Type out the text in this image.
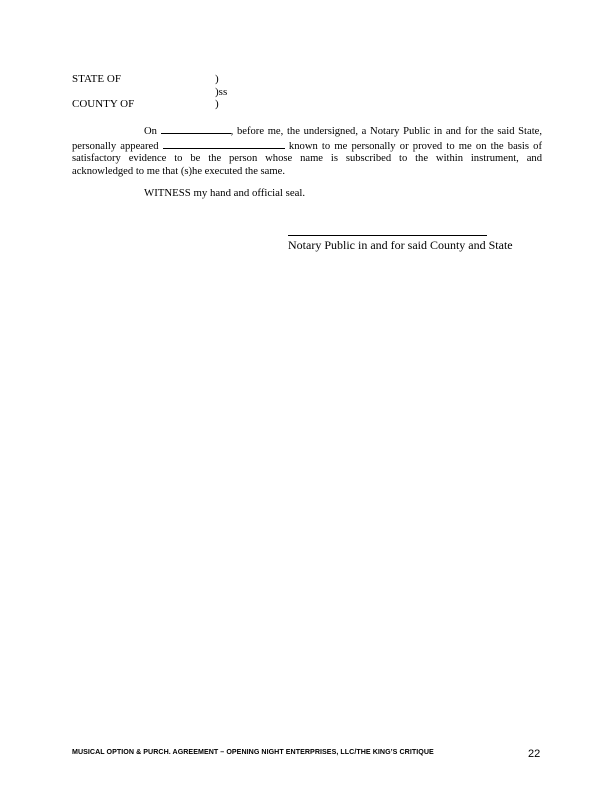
STATE OF	)
)ss
COUNTY OF	)
On	, before me, the undersigned, a Notary Public in and for the said State,
personally appeared	known to me personally or proved to me on the basis of
satisfactory evidence to be the person whose name is subscribed to the within instrument, and
acknowledged to me that (s)he executed the same.
WITNESS my hand and official seal.
Notary Public in and for said County and State
MUSICAL OPTION & PURCH. AGREEMENT – OPENING NIGHT ENTERPRISES, LLC/THE KING’S CRITIQUE	22
